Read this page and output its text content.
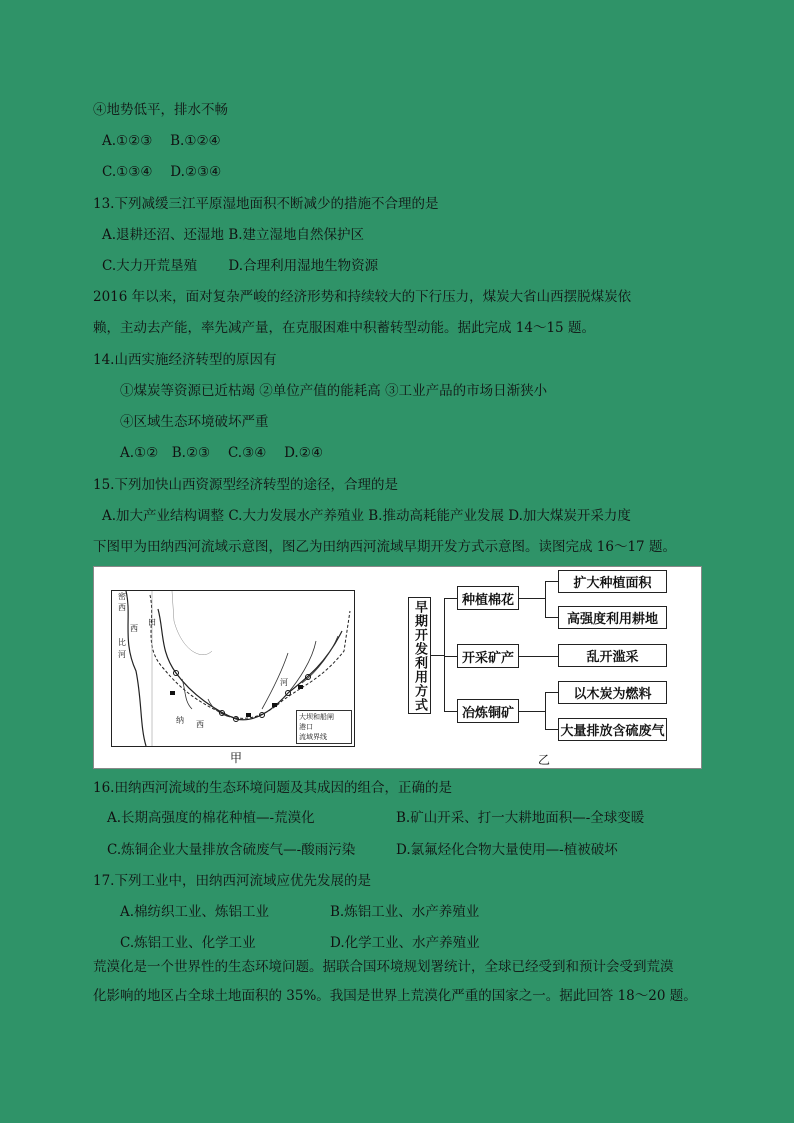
④地势低平，排水不畅
A.①②③　 B.①②④
C.①③④　 D.②③④
13.下列减缓三江平原湿地面积不断减少的措施不合理的是
A.退耕还沼、还湿地 B.建立湿地自然保护区
C.大力开荒垦殖　　 D.合理利用湿地生物资源
2016 年以来，面对复杂严峻的经济形势和持续较大的下行压力，煤炭大省山西摆脱煤炭依
赖，主动去产能，率先减产量，在克服困难中积蓄转型动能。据此完成 14～15 题。
14.山西实施经济转型的原因有
①煤炭等资源已近枯竭 ②单位产值的能耗高 ③工业产品的市场日渐狭小
④区域生态环境破坏严重
A.①②　B.②③　 C.③④　 D.②④
15.下列加快山西资源型经济转型的途径，合理的是
A.加大产业结构调整 C.大力发展水产养殖业 B.推动高耗能产业发展 D.加大煤炭开采力度
下图甲为田纳西河流域示意图，图乙为田纳西河流域早期开发方式示意图。读图完成 16～17 题。
密
西
西
比
河
田
纳 西
河
大坝和船闸
港口
流域界线
甲
早期开发利用方式	种植棉花
开采矿产
冶炼铜矿
扩大种植面积
高强度利用耕地
乱开滥采
以木炭为燃料
大量排放含硫废气
乙
16.田纳西河流域的生态环境问题及其成因的组合，正确的是
A.长期高强度的棉花种植—-荒漠化	B.矿山开采、打一大耕地面积—-全球变暖
C.炼铜企业大量排放含硫废气—-酸雨污染	D.氯氟烃化合物大量使用—-植被破坏
17.下列工业中，田纳西河流域应优先发展的是
A.棉纺织工业、炼铝工业	B.炼铝工业、水产养殖业
C.炼铝工业、化学工业	D.化学工业、水产养殖业
荒漠化是一个世界性的生态环境问题。据联合国环境规划署统计，全球已经受到和预计会受到荒漠
化影响的地区占全球土地面积的 35%。我国是世界上荒漠化严重的国家之一。据此回答 18～20 题。
